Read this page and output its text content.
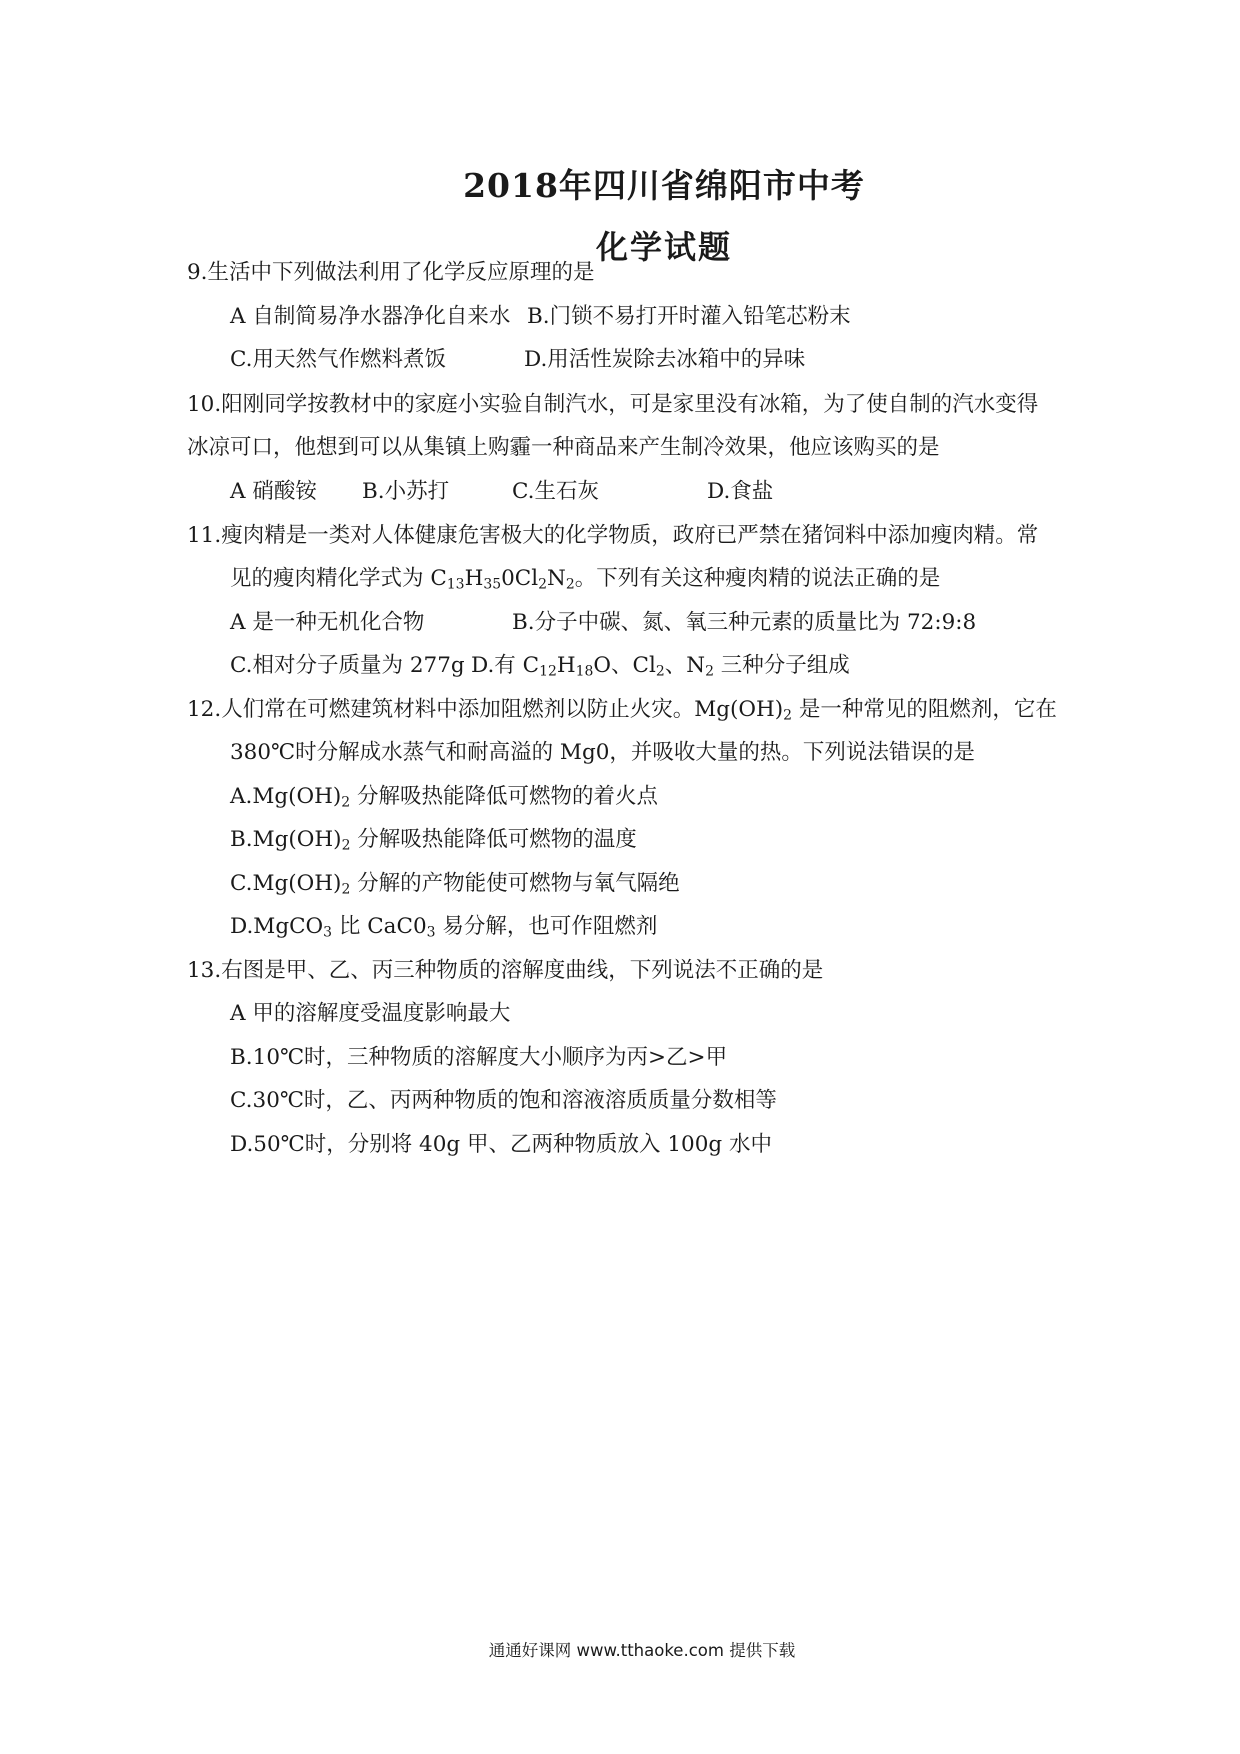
2018年四川省绵阳市中考
化学试题
9.生活中下列做法利用了化学反应原理的是
A 自制简易净水器净化自来水 B.门锁不易打开时灌入铅笔芯粉末
C.用天然气作燃料煮饭	D.用活性炭除去冰箱中的异味
10.阳刚同学按教材中的家庭小实验自制汽水，可是家里没有冰箱，为了使自制的汽水变得
冰凉可口，他想到可以从集镇上购霾一种商品来产生制冷效果，他应该购买的是
A 硝酸铵 B.小苏打	C.生石灰	D.食盐
11.瘦肉精是一类对人体健康危害极大的化学物质，政府已严禁在猪饲料中添加瘦肉精。常
见的瘦肉精化学式为 $C_{13}H_{35}0Cl_2N_2$。下列有关这种瘦肉精的说法正确的是
A 是一种无机化合物	B.分子中碳、氮、氧三种元素的质量比为 72:9:8
C.相对分子质量为 277g D.有 $C_{12}H_{18}O$、$Cl_2$、$N_2$ 三种分子组成
12.人们常在可燃建筑材料中添加阻燃剂以防止火灾。$Mg(OH)_2$ 是一种常见的阻燃剂，它在
380℃时分解成水蒸气和耐高溢的 Mg0，并吸收大量的热。下列说法错误的是
$A.Mg(OH)_2$ 分解吸热能降低可燃物的着火点
$B.Mg(OH)_2$ 分解吸热能降低可燃物的温度
$C.Mg(OH)_2$ 分解的产物能使可燃物与氧气隔绝
D.MgCO$_3$ 比 $CaC0_3$ 易分解，也可作阻燃剂
13.右图是甲、乙、丙三种物质的溶解度曲线，下列说法不正确的是
A 甲的溶解度受温度影响最大
B.10℃时，三种物质的溶解度大小顺序为丙>乙>甲
C.30℃时，乙、丙两种物质的饱和溶液溶质质量分数相等
D.50℃时，分别将 40g 甲、乙两种物质放入 100g 水中
通通好课网 www.tthaoke.com 提供下载
